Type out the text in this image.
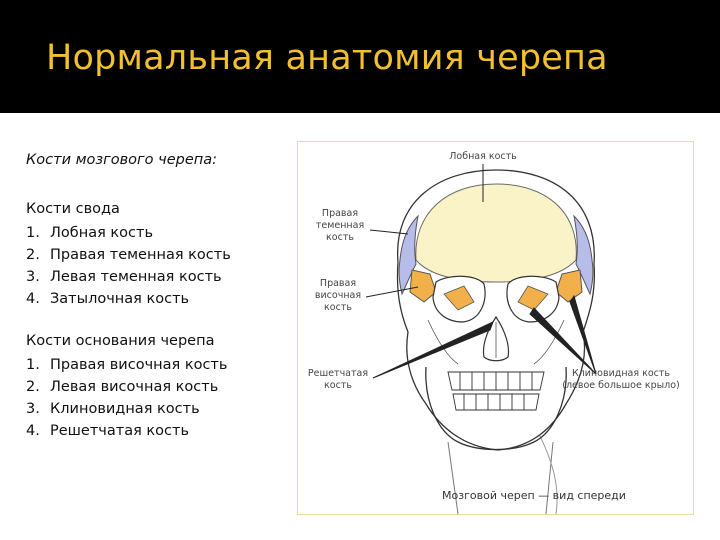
Нормальная анатомия черепа
Кости мозгового черепа:
Кости свода
1. Лобная кость
2. Правая теменная кость
3. Левая теменная кость
4. Затылочная кость
Кости основания черепа
1. Правая височная кость
2. Левая височная кость
3. Клиновидная кость
4. Решетчатая кость
Лобная кость
Правая
теменная
кость
Правая
височная
кость
Решетчатая
кость
Клиновидная кость
(левое большое крыло)
Мозговой череп — вид спереди
